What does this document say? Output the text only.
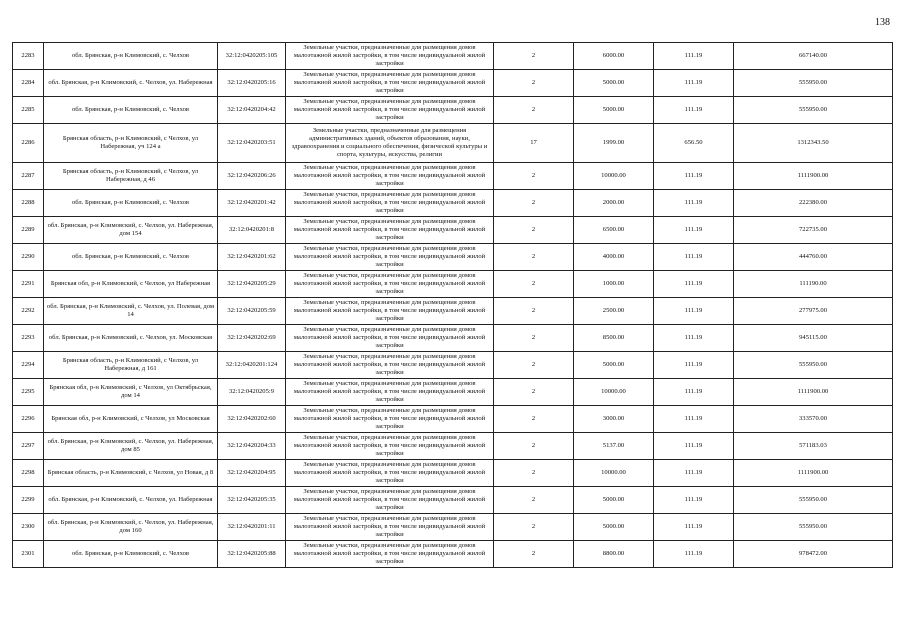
138
2283	обл. Брянская, р-н Климовский, с. Челхов	32:12:0420205:105	Земельные участки, предназначенные для размещения домов малоэтажной жилой застройки, в том числе индивидуальной жилой застройки	2	6000.00	111.19	667140.00
2284	обл. Брянская, р-н Климовский, с. Челхов, ул. Набережная	32:12:0420205:16	Земельные участки, предназначенные для размещения домов малоэтажной жилой застройки, в том числе индивидуальной жилой застройки	2	5000.00	111.19	555950.00
2285	обл. Брянская, р-н Климовский, с. Челхов	32:12:0420204:42	Земельные участки, предназначенные для размещения домов малоэтажной жилой застройки, в том числе индивидуальной жилой застройки	2	5000.00	111.19	555950.00
2286	Брянская область, р-н Климовский, с Челхов, ул Набережная, уч 124 а	32:12:0420203:51	Земельные участки, предназначенные для размещения административных зданий, объектов образования, науки, здравоохранения и социального обеспечения, физической культуры и спорта, культуры, искусства, религии	17	1999.00	656.50	1312343.50
2287	Брянская область, р-н Климовский, с Челхов, ул Набережная, д 46	32:12:0420206:26	Земельные участки, предназначенные для размещения домов малоэтажной жилой застройки, в том числе индивидуальной жилой застройки	2	10000.00	111.19	1111900.00
2288	обл. Брянская, р-н Климовский, с. Челхов	32:12:0420201:42	Земельные участки, предназначенные для размещения домов малоэтажной жилой застройки, в том числе индивидуальной жилой застройки	2	2000.00	111.19	222380.00
2289	обл. Брянская, р-н Климовский, с. Челхов, ул. Набережная, дом 154	32:12:0420201:8	Земельные участки, предназначенные для размещения домов малоэтажной жилой застройки, в том числе индивидуальной жилой застройки	2	6500.00	111.19	722735.00
2290	обл. Брянская, р-н Климовский, с. Челхов	32:12:0420201:62	Земельные участки, предназначенные для размещения домов малоэтажной жилой застройки, в том числе индивидуальной жилой застройки	2	4000.00	111.19	444760.00
2291	Брянская обл, р-н Климовский, с Челхов, ул Набережная	32:12:0420205:29	Земельные участки, предназначенные для размещения домов малоэтажной жилой застройки, в том числе индивидуальной жилой застройки	2	1000.00	111.19	111190.00
2292	обл. Брянская, р-н Климовский, с. Челхов, ул. Полевая, дом 14	32:12:0420205:59	Земельные участки, предназначенные для размещения домов малоэтажной жилой застройки, в том числе индивидуальной жилой застройки	2	2500.00	111.19	277975.00
2293	обл. Брянская, р-н Климовский, с. Челхов, ул. Московская	32:12:0420202:69	Земельные участки, предназначенные для размещения домов малоэтажной жилой застройки, в том числе индивидуальной жилой застройки	2	8500.00	111.19	945115.00
2294	Брянская область, р-н Климовский, с Челхов, ул Набережная, д 161	32:12:0420201:124	Земельные участки, предназначенные для размещения домов малоэтажной жилой застройки, в том числе индивидуальной жилой застройки	2	5000.00	111.19	555950.00
2295	Брянская обл, р-н Климовский, с Челхов, ул Октябрьская, дом 14	32:12:0420205:9	Земельные участки, предназначенные для размещения домов малоэтажной жилой застройки, в том числе индивидуальной жилой застройки	2	10000.00	111.19	1111900.00
2296	Брянская обл, р-н Климовский, с Челхов, ул Московская	32:12:0420202:60	Земельные участки, предназначенные для размещения домов малоэтажной жилой застройки, в том числе индивидуальной жилой застройки	2	3000.00	111.19	333570.00
2297	обл. Брянская, р-н Климовский, с. Челхов, ул. Набережная, дом 85	32:12:0420204:33	Земельные участки, предназначенные для размещения домов малоэтажной жилой застройки, в том числе индивидуальной жилой застройки	2	5137.00	111.19	571183.03
2298	Брянская область, р-н Климовский, с Челхов, ул Новая, д 8	32:12:0420204:95	Земельные участки, предназначенные для размещения домов малоэтажной жилой застройки, в том числе индивидуальной жилой застройки	2	10000.00	111.19	1111900.00
2299	обл. Брянская, р-н Климовский, с. Челхов, ул. Набережная	32:12:0420205:35	Земельные участки, предназначенные для размещения домов малоэтажной жилой застройки, в том числе индивидуальной жилой застройки	2	5000.00	111.19	555950.00
2300	обл. Брянская, р-н Климовский, с. Челхов, ул. Набережная, дом 160	32:12:0420201:11	Земельные участки, предназначенные для размещения домов малоэтажной жилой застройки, в том числе индивидуальной жилой застройки	2	5000.00	111.19	555950.00
2301	обл. Брянская, р-н Климовский, с. Челхов	32:12:0420205:88	Земельные участки, предназначенные для размещения домов малоэтажной жилой застройки, в том числе индивидуальной жилой застройки	2	8800.00	111.19	978472.00
